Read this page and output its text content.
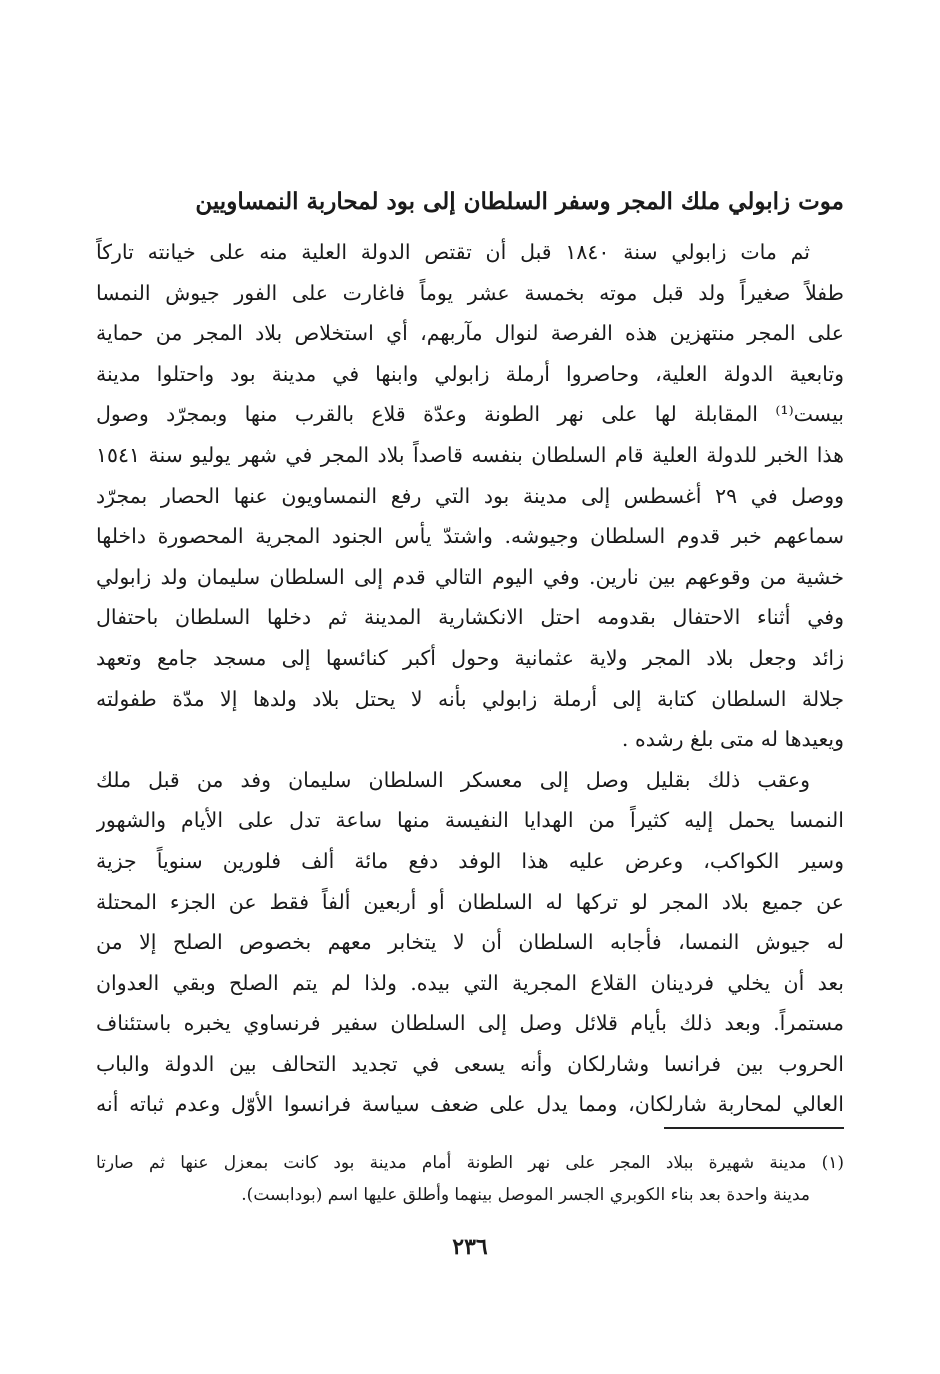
موت زابولي ملك المجر وسفر السلطان إلى بود لمحاربة النمساويين
ثم مات زابولي سنة ١٨٤٠ قبل أن تقتص الدولة العلية منه على خيانته تاركاً
طفلاً صغيراً ولد قبل موته بخمسة عشر يوماً فاغارت على الفور جيوش النمسا
على المجر منتهزين هذه الفرصة لنوال مآربهم، أي استخلاص بلاد المجر من حماية
وتابعية الدولة العلية، وحاصروا أرملة زابولي وابنها في مدينة بود واحتلوا مدينة
بيست⁽¹⁾ المقابلة لها على نهر الطونة وعدّة قلاع بالقرب منها وبمجرّد وصول
هذا الخبر للدولة العلية قام السلطان بنفسه قاصداً بلاد المجر في شهر يوليو سنة ١٥٤١
ووصل في ٢٩ أغسطس إلى مدينة بود التي رفع النمساويون عنها الحصار بمجرّد
سماعهم خبر قدوم السلطان وجيوشه. واشتدّ يأس الجنود المجرية المحصورة داخلها
خشية من وقوعهم بين نارين. وفي اليوم التالي قدم إلى السلطان سليمان ولد زابولي
وفي أثناء الاحتفال بقدومه احتل الانكشارية المدينة ثم دخلها السلطان باحتفال
زائد وجعل بلاد المجر ولاية عثمانية وحول أكبر كنائسها إلى مسجد جامع وتعهد
جلالة السلطان كتابة إلى أرملة زابولي بأنه لا يحتل بلاد ولدها إلا مدّة طفولته
ويعيدها له متى بلغ رشده .
وعقب ذلك بقليل وصل إلى معسكر السلطان سليمان وفد من قبل ملك
النمسا يحمل إليه كثيراً من الهدايا النفيسة منها ساعة تدل على الأيام والشهور
وسير الكواكب، وعرض عليه هذا الوفد دفع مائة ألف فلورين سنوياً جزية
عن جميع بلاد المجر لو تركها له السلطان أو أربعين ألفاً فقط عن الجزء المحتلة
له جيوش النمسا، فأجابه السلطان أن لا يتخابر معهم بخصوص الصلح إلا من
بعد أن يخلي فردينان القلاع المجرية التي بيده. ولذا لم يتم الصلح وبقي العدوان
مستمراً. وبعد ذلك بأيام قلائل وصل إلى السلطان سفير فرنساوي يخبره باستئناف
الحروب بين فرانسا وشارلكان وأنه يسعى في تجديد التحالف بين الدولة والباب
العالي لمحاربة شارلكان، ومما يدل على ضعف سياسة فرانسوا الأوّل وعدم ثباته أنه
(١) مدينة شهيرة ببلاد المجر على نهر الطونة أمام مدينة بود كانت بمعزل عنها ثم صارتا
مدينة واحدة بعد بناء الكوبري الجسر الموصل بينهما وأطلق عليها اسم (بودابست).
٢٣٦
